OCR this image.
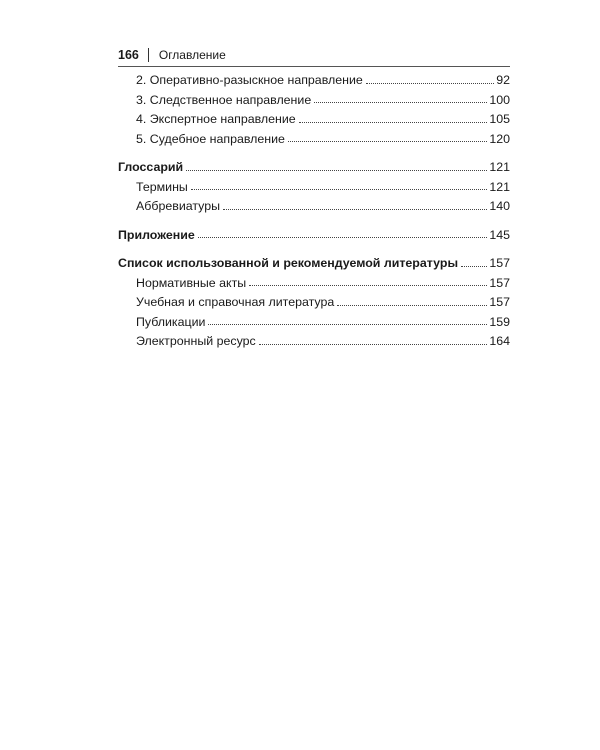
166 Оглавление
2. Оперативно-разыскное направление	92
3. Следственное направление	100
4. Экспертное направление	105
5. Судебное направление	120
Глоссарий	121
Термины	121
Аббревиатуры	140
Приложение	145
Список использованной и рекомендуемой литературы	157
Нормативные акты	157
Учебная и справочная литература	157
Публикации	159
Электронный ресурс	164
